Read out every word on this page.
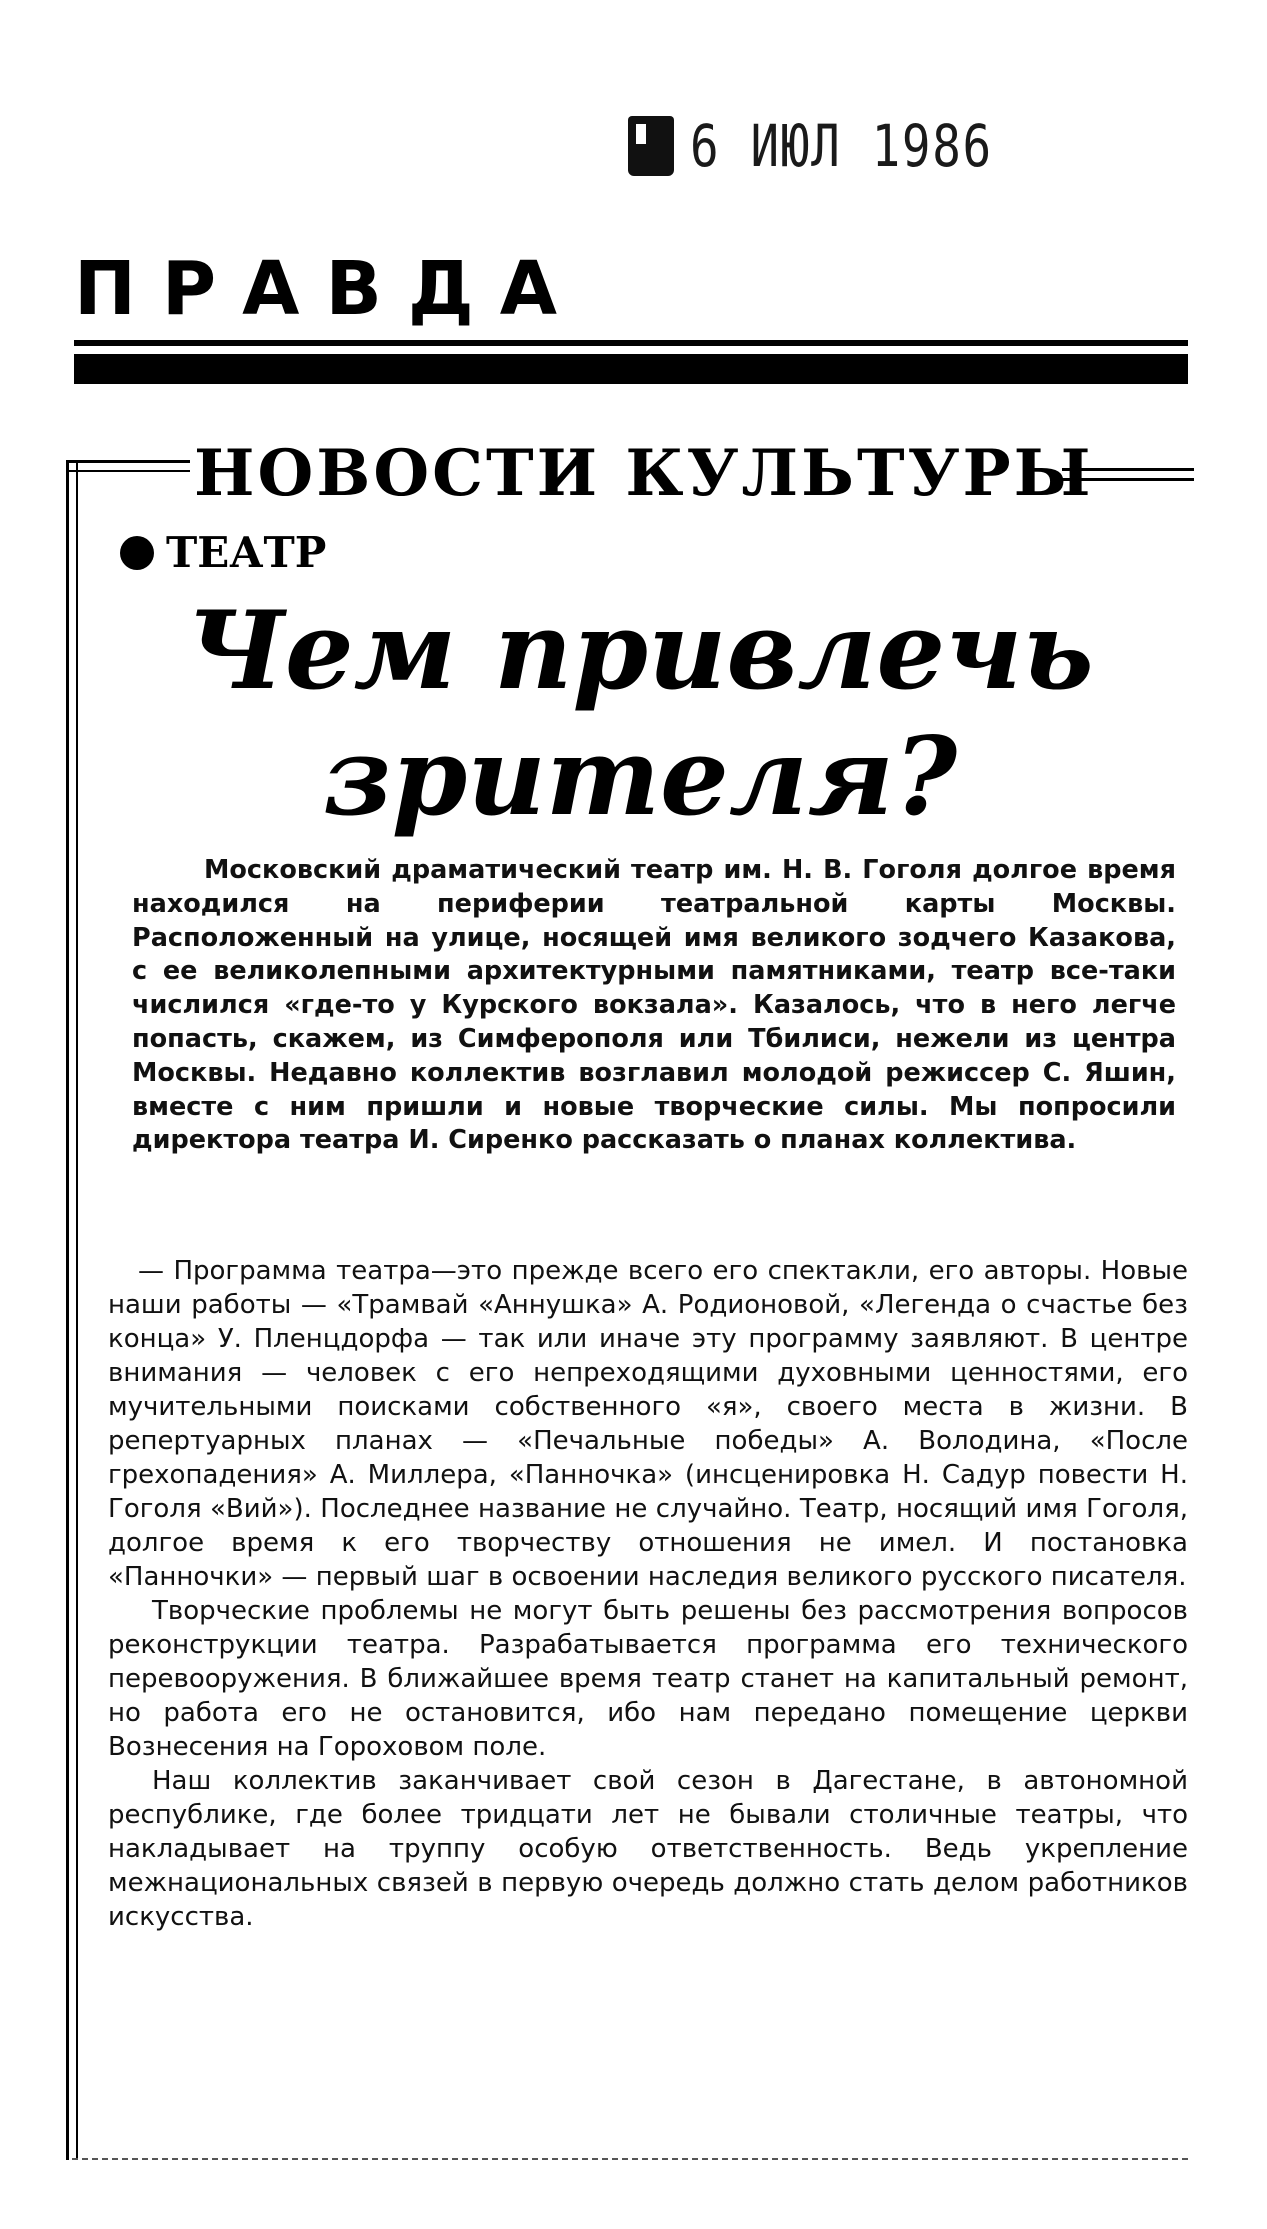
6 ИЮЛ 1986
ПРАВДА
НОВОСТИ КУЛЬТУРЫ
ТЕАТР
Чем привлечь
зрителя?

Московский драматический театр им. Н. В. Гоголя долгое время находился на периферии театральной карты Москвы. Расположенный на улице, носящей имя великого зодчего Казакова, с ее великолепными архитектурными памятниками, театр все-таки числился «где-то у Курского вокзала». Казалось, что в него легче попасть, скажем, из Симферополя или Тбилиси, нежели из центра Москвы. Недавно коллектив возглавил молодой режиссер С. Яшин, вместе с ним пришли и новые творческие силы. Мы попросили директора театра И. Сиренко рассказать о планах коллектива.

— Программа театра—это прежде всего его спектакли, его авторы. Новые наши работы — «Трамвай «Аннушка» А. Родионовой, «Легенда о счастье без конца» У. Пленцдорфа — так или иначе эту программу заявляют. В центре внимания — человек с его непреходящими духовными ценностями, его мучительными поисками собственного «я», своего места в жизни. В репертуарных планах — «Печальные победы» А. Володина, «После грехопадения» А. Миллера, «Панночка» (инсценировка Н. Садур повести Н. Гоголя «Вий»). Последнее название не случайно. Театр, носящий имя Гоголя, долгое время к его творчеству отношения не имел. И постановка «Панночки» — первый шаг в освоении наследия великого русского писателя.

Творческие проблемы не могут быть решены без рассмотрения вопросов реконструкции театра. Разрабатывается программа его технического перевооружения. В ближайшее время театр станет на капитальный ремонт, но работа его не остановится, ибо нам передано помещение церкви Вознесения на Гороховом поле.

Наш коллектив заканчивает свой сезон в Дагестане, в автономной республике, где более тридцати лет не бывали столичные театры, что накладывает на труппу особую ответственность. Ведь укрепление межнациональных связей в первую очередь должно стать делом работников искусства.
